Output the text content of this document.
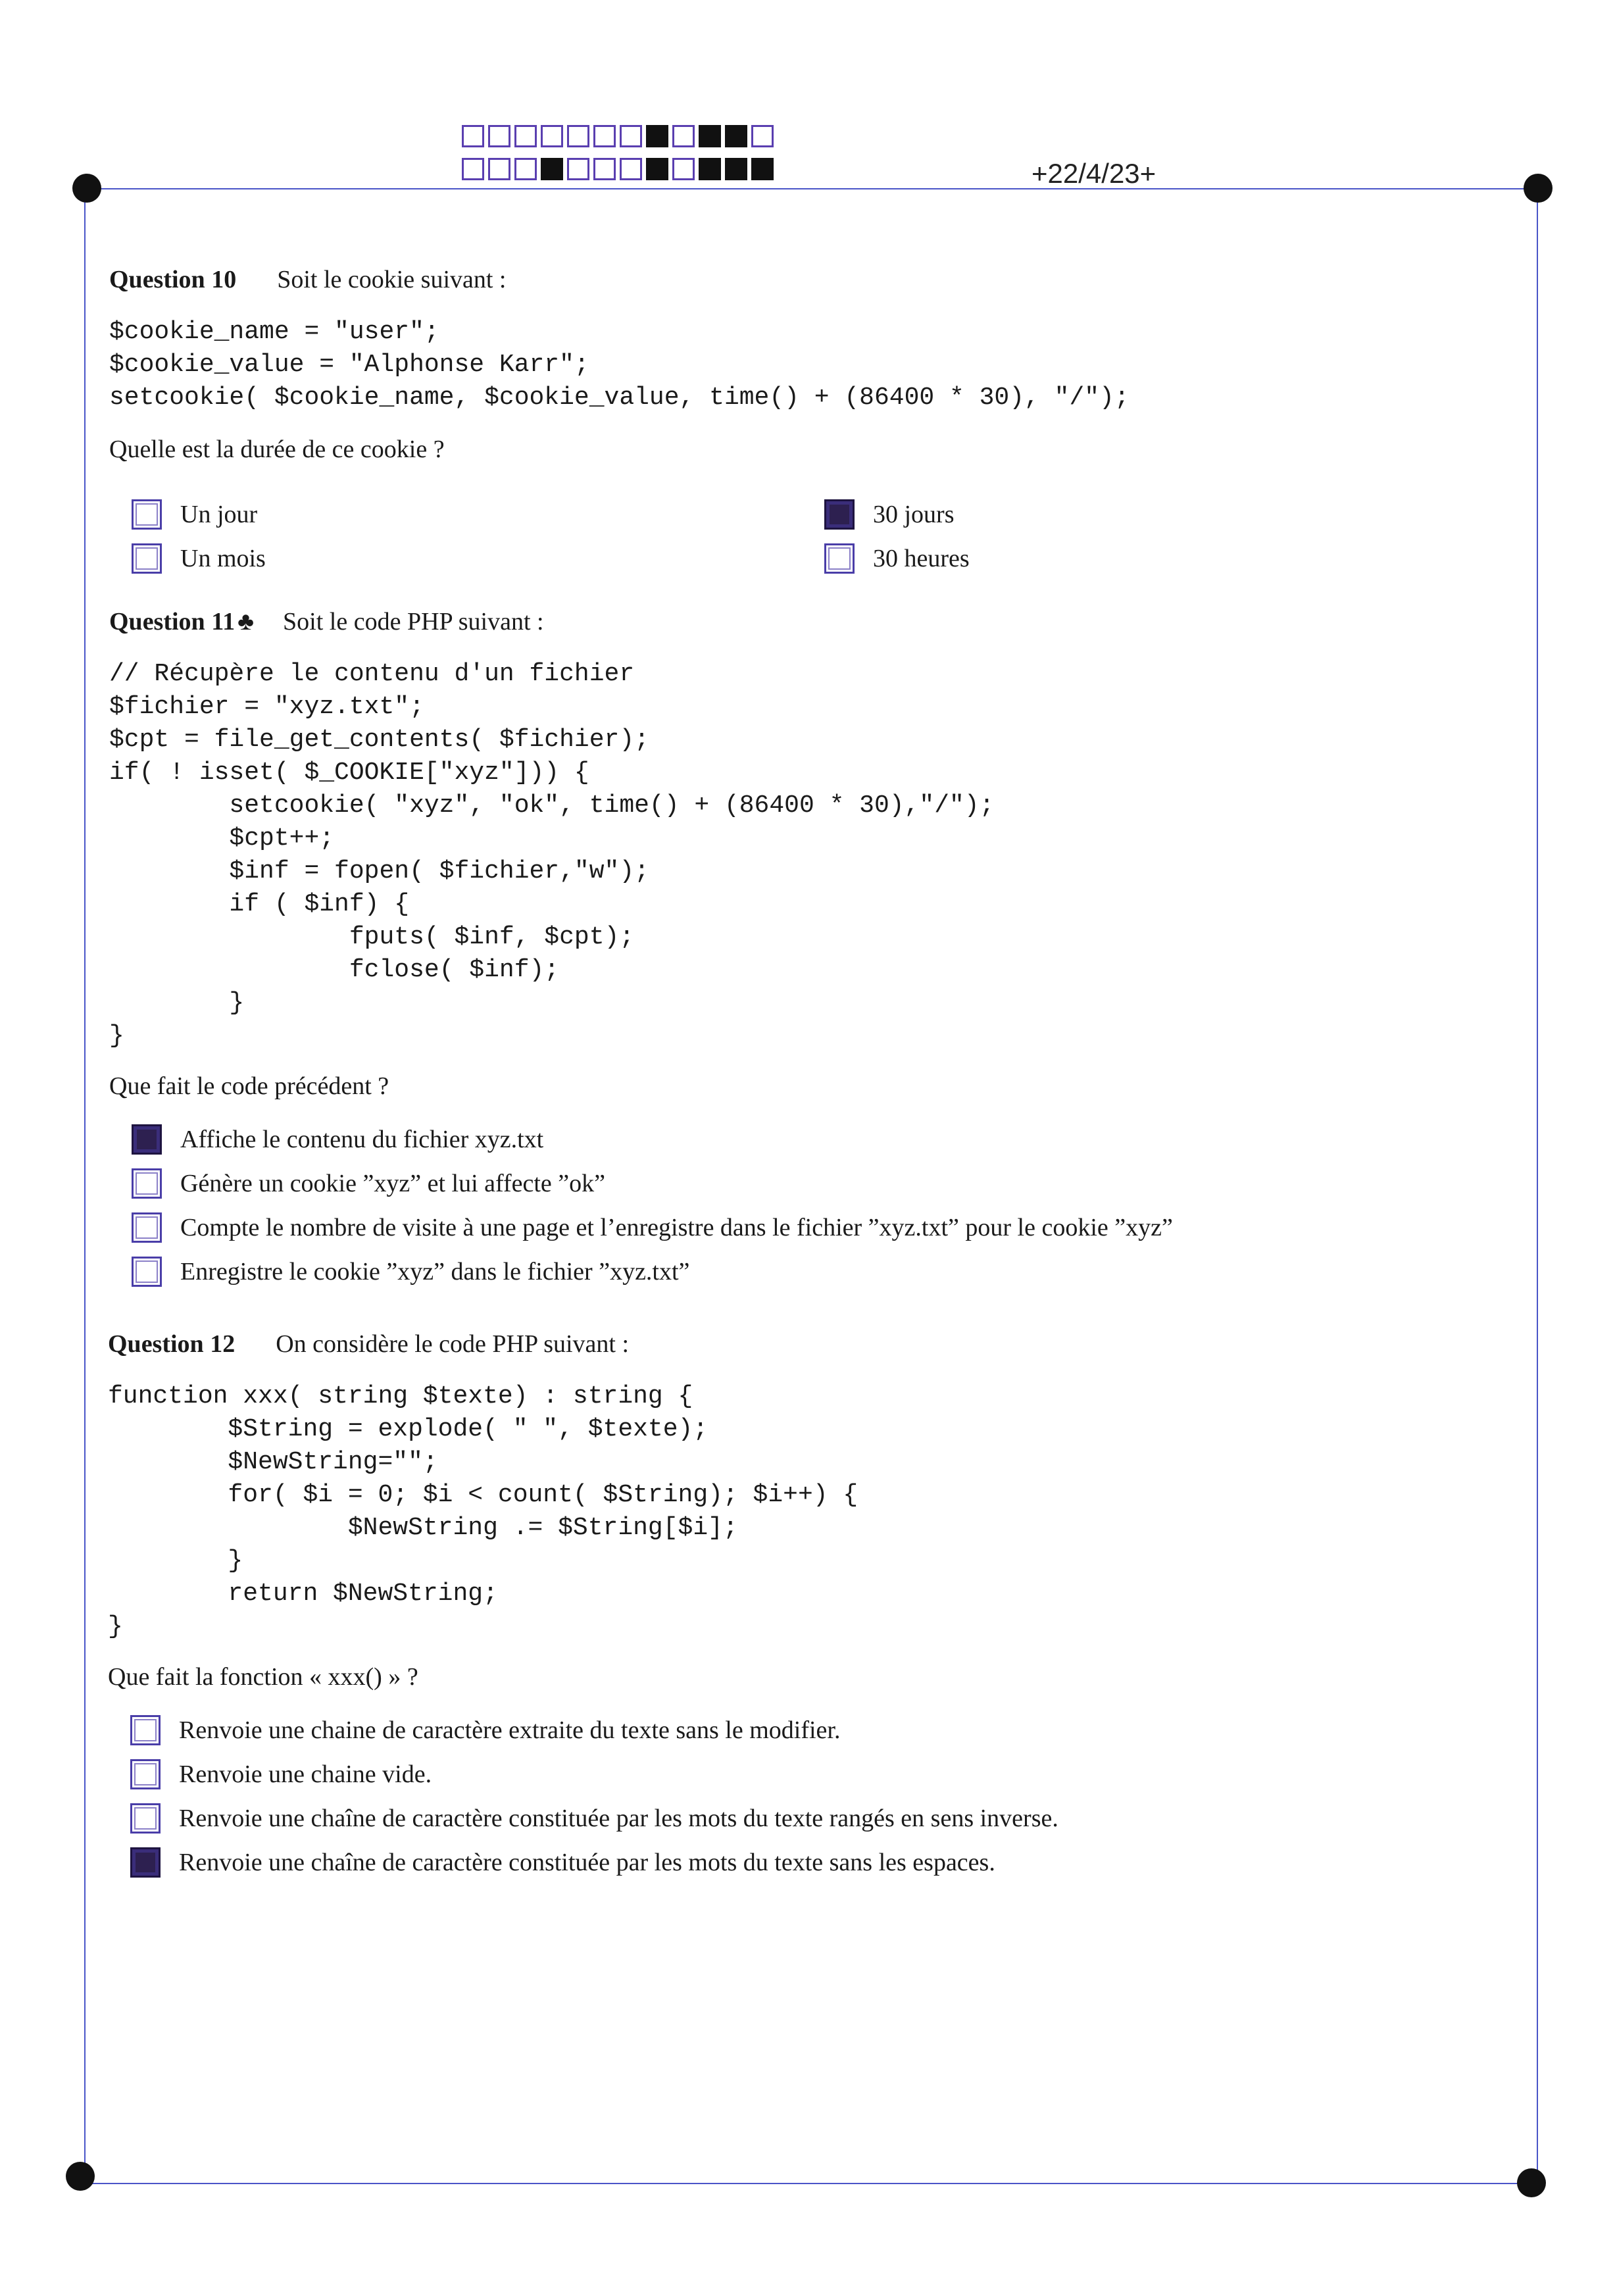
+22/4/23+
Question 10 Soit le cookie suivant :
$cookie_name = "user";
$cookie_value = "Alphonse Karr";
setcookie( $cookie_name, $cookie_value, time() + (86400 * 30), "/");
Quelle est la durée de ce cookie ?
Un jour	30 jours
Un mois	30 heures
Question 11 ♣ Soit le code PHP suivant :
// Récupère le contenu d'un fichier
$fichier = "xyz.txt";
$cpt = file_get_contents( $fichier);
if( ! isset( $_COOKIE["xyz"])) {
setcookie( "xyz", "ok", time() + (86400 * 30),"/");
$cpt++;
$inf = fopen( $fichier,"w");
if ( $inf) {
fputs( $inf, $cpt);
fclose( $inf);
}
}
Que fait le code précédent ?
Affiche le contenu du fichier xyz.txt
Génère un cookie ”xyz” et lui affecte ”ok”
Compte le nombre de visite à une page et l’enregistre dans le fichier ”xyz.txt” pour le cookie ”xyz”
Enregistre le cookie ”xyz” dans le fichier ”xyz.txt”
Question 12 On considère le code PHP suivant :
function xxx( string $texte) : string {
$String = explode( " ", $texte);
$NewString="";
for( $i = 0; $i < count( $String); $i++) {
$NewString .= $String[$i];
}
return $NewString;
}
Que fait la fonction « xxx() » ?
Renvoie une chaine de caractère extraite du texte sans le modifier.
Renvoie une chaine vide.
Renvoie une chaîne de caractère constituée par les mots du texte rangés en sens inverse.
Renvoie une chaîne de caractère constituée par les mots du texte sans les espaces.
